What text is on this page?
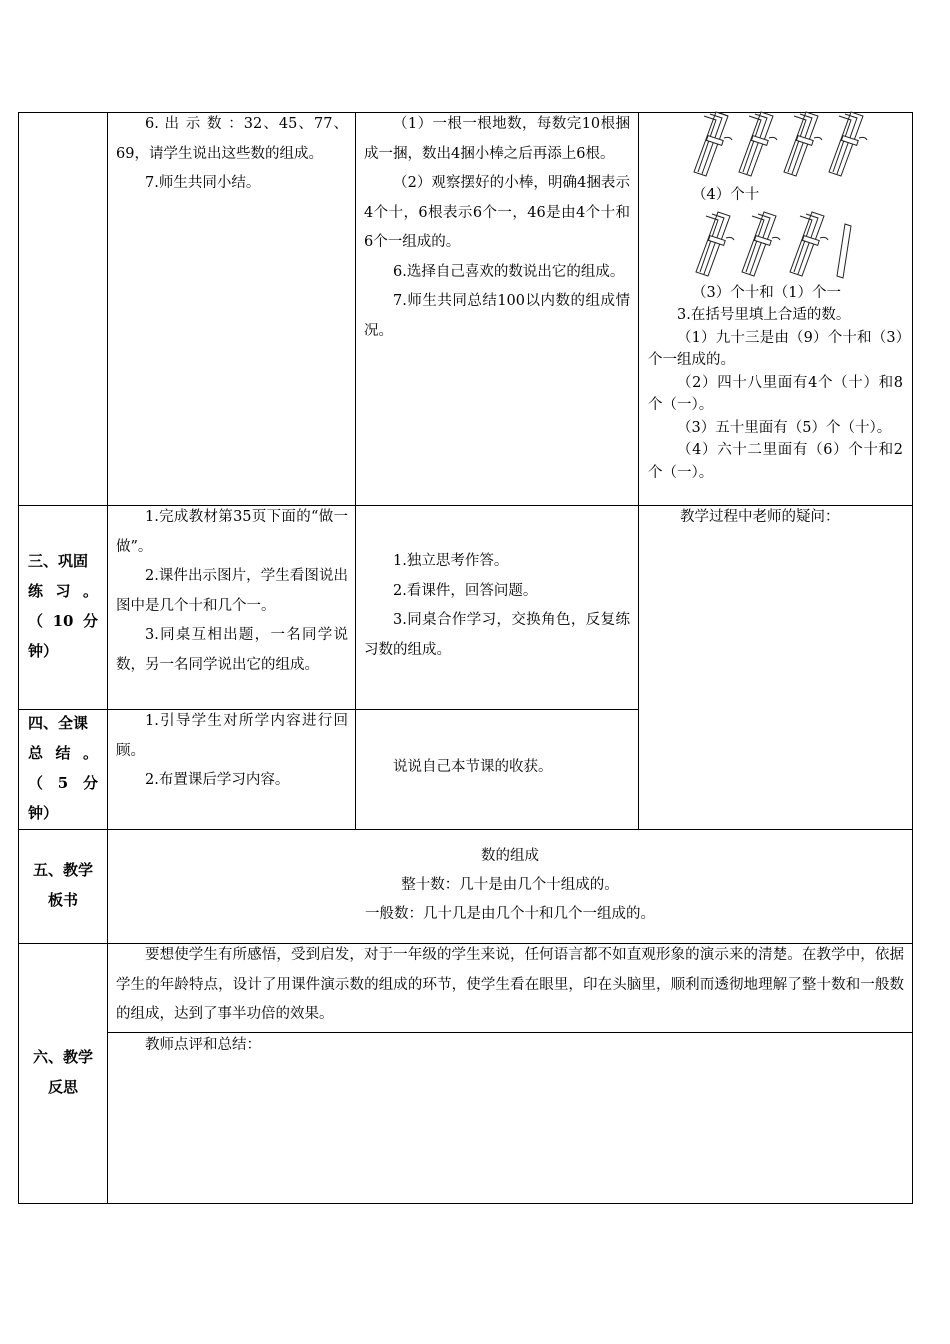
6. 出 示 数 ：32、45、77、69，请学生说出这些数的组成。

7.师生共同小结。

（1）一根一根地数，每数完10根捆成一捆，数出4捆小棒之后再添上6根。

（2）观察摆好的小棒，明确4捆表示4个十，6根表示6个一，46是由4个十和6个一组成的。

6.选择自己喜欢的数说出它的组成。

7.师生共同总结100以内数的组成情况。

（4）个十
（3）个十和（1）个一

3.在括号里填上合适的数。

（1）九十三是由（9）个十和（3）个一组成的。

（2）四十八里面有4个（十）和8个（一）。

（3）五十里面有（5）个（十）。

（4）六十二里面有（6）个十和2个（一）。

三、巩固
练 习 。
（ 10 分
钟）

1.完成教材第35页下面的“做一做”。

2.课件出示图片，学生看图说出图中是几个十和几个一。

3.同桌互相出题，一名同学说数，另一名同学说出它的组成。

1.独立思考作答。

2.看课件，回答问题。

3.同桌合作学习，交换角色，反复练习数的组成。

教学过程中老师的疑问：
四、全课
总 结 。
（ 5 分
钟）

1.引导学生对所学内容进行回顾。

2.布置课后学习内容。

说说自己本节课的收获。

五、教学
板书
数的组成
整十数：几十是由几个十组成的。
一般数：几十几是由几个十和几个一组成的。
六、教学
反思

要想使学生有所感悟，受到启发，对于一年级的学生来说，任何语言都不如直观形象的演示来的清楚。在教学中，依据学生的年龄特点，设计了用课件演示数的组成的环节，使学生看在眼里，印在头脑里，顺利而透彻地理解了整十数和一般数的组成，达到了事半功倍的效果。

教师点评和总结：
